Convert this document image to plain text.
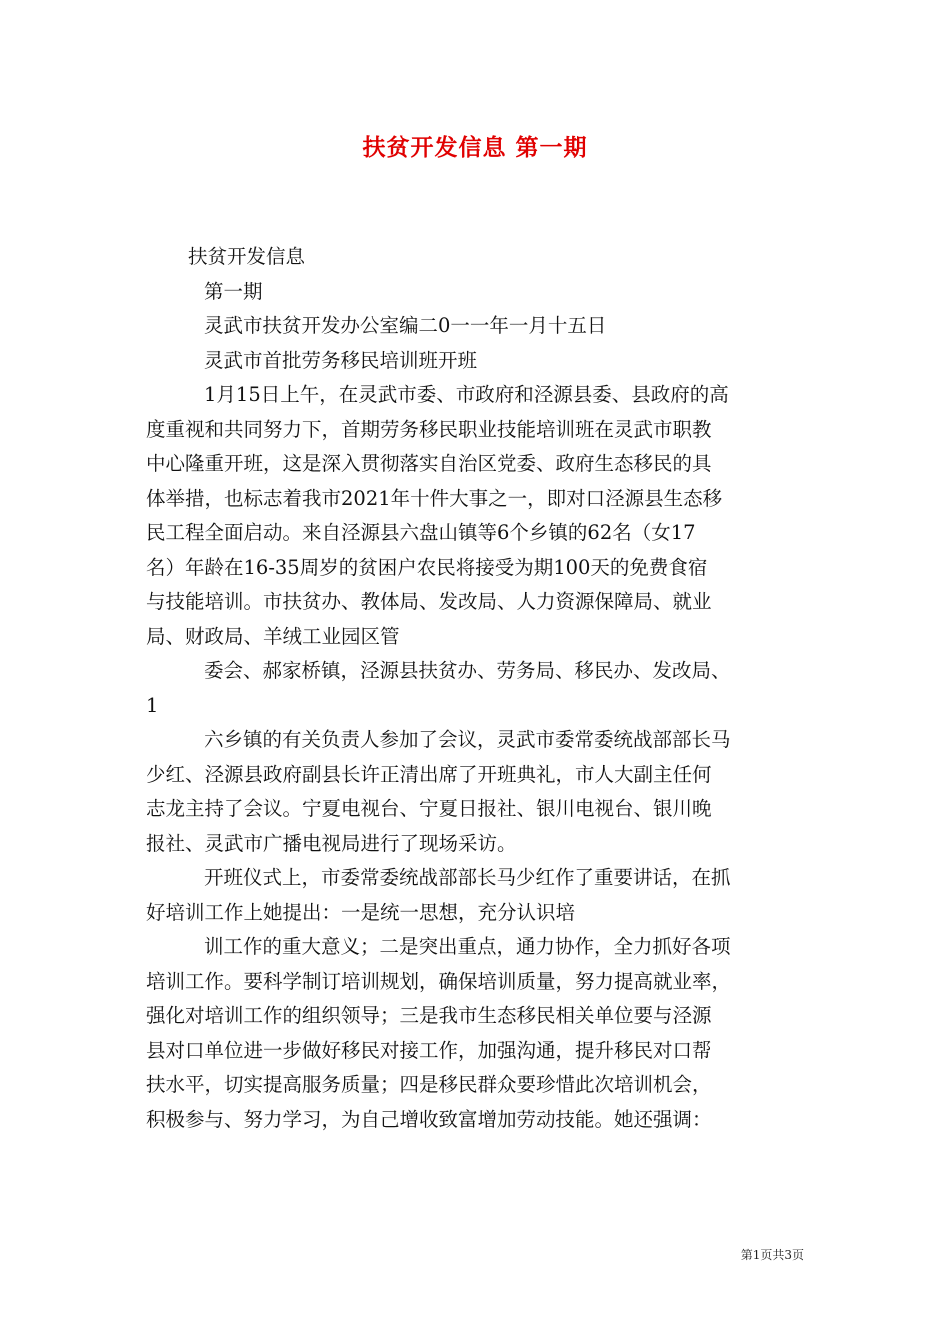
扶贫开发信息 第一期
扶贫开发信息
第一期
灵武市扶贫开发办公室编二0一一年一月十五日
灵武市首批劳务移民培训班开班
1月15日上午，在灵武市委、市政府和泾源县委、县政府的高
度重视和共同努力下，首期劳务移民职业技能培训班在灵武市职教
中心隆重开班，这是深入贯彻落实自治区党委、政府生态移民的具
体举措，也标志着我市2021年十件大事之一，即对口泾源县生态移
民工程全面启动。来自泾源县六盘山镇等6个乡镇的62名（女17
名）年龄在16-35周岁的贫困户农民将接受为期100天的免费食宿
与技能培训。市扶贫办、教体局、发改局、人力资源保障局、就业
局、财政局、羊绒工业园区管
委会、郝家桥镇，泾源县扶贫办、劳务局、移民办、发改局、
1
六乡镇的有关负责人参加了会议，灵武市委常委统战部部长马
少红、泾源县政府副县长许正清出席了开班典礼，市人大副主任何
志龙主持了会议。宁夏电视台、宁夏日报社、银川电视台、银川晚
报社、灵武市广播电视局进行了现场采访。
开班仪式上，市委常委统战部部长马少红作了重要讲话，在抓
好培训工作上她提出：一是统一思想，充分认识培
训工作的重大意义；二是突出重点，通力协作，全力抓好各项
培训工作。要科学制订培训规划，确保培训质量，努力提高就业率，
强化对培训工作的组织领导；三是我市生态移民相关单位要与泾源
县对口单位进一步做好移民对接工作，加强沟通，提升移民对口帮
扶水平，切实提高服务质量；四是移民群众要珍惜此次培训机会，
积极参与、努力学习，为自己增收致富增加劳动技能。她还强调：
第1页共3页
